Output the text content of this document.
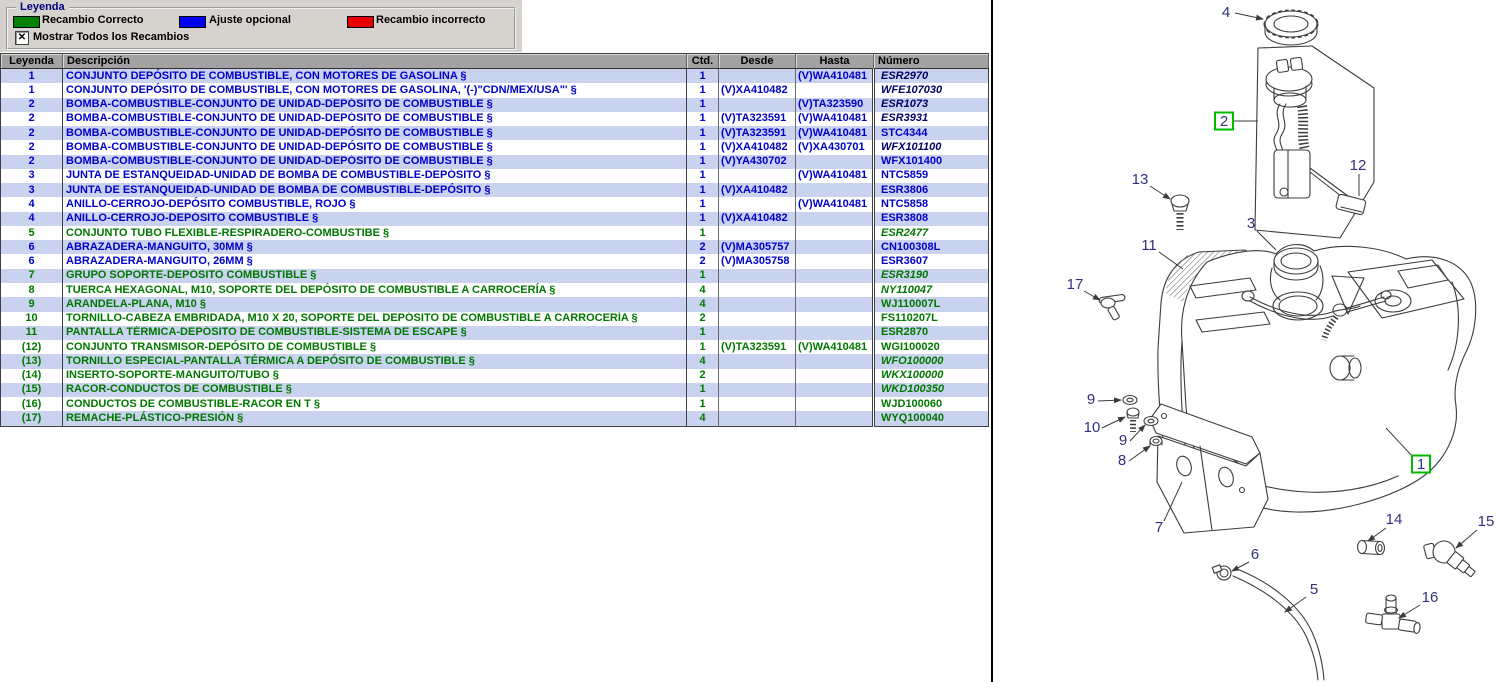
Leyenda
Recambio Correcto	Ajuste opcional	Recambio incorrecto
✕ Mostrar Todos los Recambios
Leyenda	Descripción	Ctd.	Desde	Hasta	Número
1	CONJUNTO DEPÓSITO DE COMBUSTIBLE, CON MOTORES DE GASOLINA §	1		(V)WA410481	ESR2970
1	CONJUNTO DEPÓSITO DE COMBUSTIBLE, CON MOTORES DE GASOLINA, '(-)"CDN/MEX/USA"' §	1	(V)XA410482		WFE107030
2	BOMBA-COMBUSTIBLE-CONJUNTO DE UNIDAD-DEPÓSITO DE COMBUSTIBLE §	1		(V)TA323590	ESR1073
2	BOMBA-COMBUSTIBLE-CONJUNTO DE UNIDAD-DEPÓSITO DE COMBUSTIBLE §	1	(V)TA323591	(V)WA410481	ESR3931
2	BOMBA-COMBUSTIBLE-CONJUNTO DE UNIDAD-DEPÓSITO DE COMBUSTIBLE §	1	(V)TA323591	(V)WA410481	STC4344
2	BOMBA-COMBUSTIBLE-CONJUNTO DE UNIDAD-DEPÓSITO DE COMBUSTIBLE §	1	(V)XA410482	(V)XA430701	WFX101100
2	BOMBA-COMBUSTIBLE-CONJUNTO DE UNIDAD-DEPÓSITO DE COMBUSTIBLE §	1	(V)YA430702		WFX101400
3	JUNTA DE ESTANQUEIDAD-UNIDAD DE BOMBA DE COMBUSTIBLE-DEPÓSITO §	1		(V)WA410481	NTC5859
3	JUNTA DE ESTANQUEIDAD-UNIDAD DE BOMBA DE COMBUSTIBLE-DEPÓSITO §	1	(V)XA410482		ESR3806
4	ANILLO-CERROJO-DEPÓSITO COMBUSTIBLE, ROJO §	1		(V)WA410481	NTC5858
4	ANILLO-CERROJO-DEPÓSITO COMBUSTIBLE §	1	(V)XA410482		ESR3808
5	CONJUNTO TUBO FLEXIBLE-RESPIRADERO-COMBUSTIBE §	1			ESR2477
6	ABRAZADERA-MANGUITO, 30MM §	2	(V)MA305757		CN100308L
6	ABRAZADERA-MANGUITO, 26MM §	2	(V)MA305758		ESR3607
7	GRUPO SOPORTE-DEPÓSITO COMBUSTIBLE §	1			ESR3190
8	TUERCA HEXAGONAL, M10, SOPORTE DEL DEPÓSITO DE COMBUSTIBLE A CARROCERÍA §	4			NY110047
9	ARANDELA-PLANA, M10 §	4			WJ110007L
10	TORNILLO-CABEZA EMBRIDADA, M10 X 20, SOPORTE DEL DEPÓSITO DE COMBUSTIBLE A CARROCERÍA §	2			FS110207L
11	PANTALLA TÉRMICA-DEPÓSITO DE COMBUSTIBLE-SISTEMA DE ESCAPE §	1			ESR2870
(12)	CONJUNTO TRANSMISOR-DEPÓSITO DE COMBUSTIBLE §	1	(V)TA323591	(V)WA410481	WGI100020
(13)	TORNILLO ESPECIAL-PANTALLA TÉRMICA A DEPÓSITO DE COMBUSTIBLE §	4			WFO100000
(14)	INSERTO-SOPORTE-MANGUITO/TUBO §	2			WKX100000
(15)	RACOR-CONDUCTOS DE COMBUSTIBLE §	1			WKD100350
(16)	CONDUCTOS DE COMBUSTIBLE-RACOR EN T §	1			WJD100060
(17)	REMACHE-PLÁSTICO-PRESIÓN §	4			WYQ100040
4
2
12
13
3
11
17
9
10
9
8
7
1
14	15
6
5	16
